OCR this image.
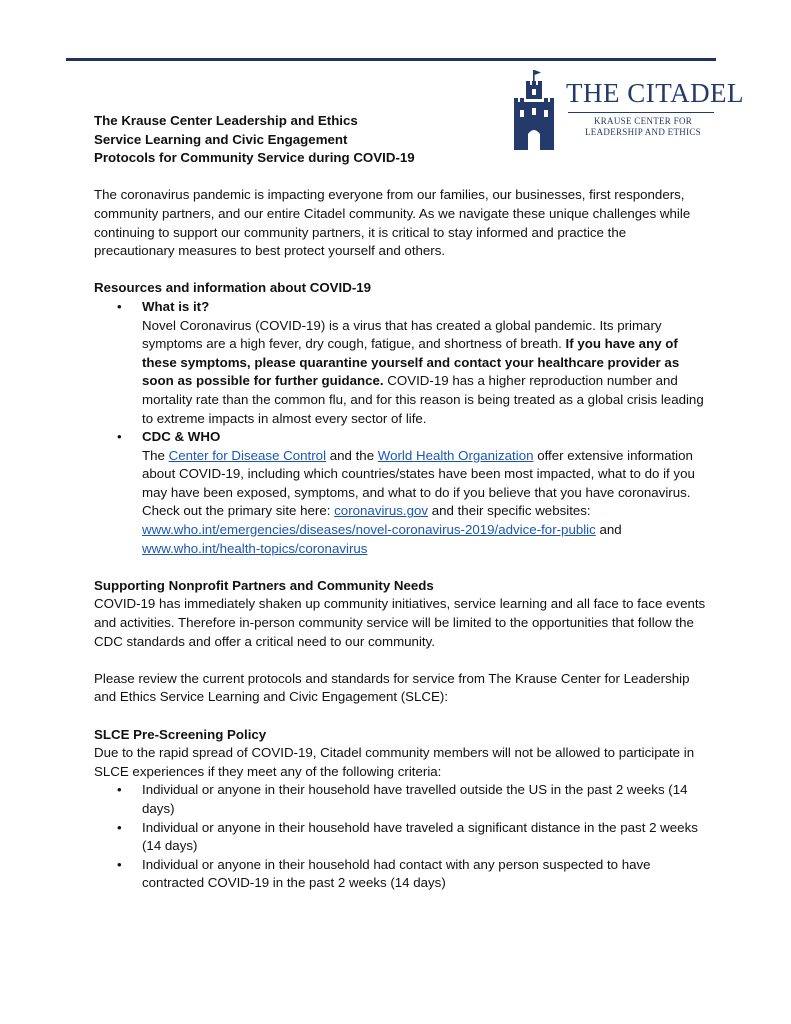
THE CITADEL
KRAUSE CENTER FOR
LEADERSHIP AND ETHICS

The Krause Center Leadership and Ethics

Service Learning and Civic Engagement

Protocols for Community Service during COVID-19

The coronavirus pandemic is impacting everyone from our families, our businesses, first responders, community partners, and our entire Citadel community. As we navigate these unique challenges while continuing to support our community partners, it is critical to stay informed and practice the precautionary measures to best protect yourself and others.

Resources and information about COVID-19

• What is it?
Novel Coronavirus (COVID-19) is a virus that has created a global pandemic. Its primary symptoms are a high fever, dry cough, fatigue, and shortness of breath. If you have any of these symptoms, please quarantine yourself and contact your healthcare provider as soon as possible for further guidance. COVID-19 has a higher reproduction number and mortality rate than the common flu, and for this reason is being treated as a global crisis leading to extreme impacts in almost every sector of life.
• CDC & WHO
The Center for Disease Control and the World Health Organization offer extensive information about COVID-19, including which countries/states have been most impacted, what to do if you may have been exposed, symptoms, and what to do if you believe that you have coronavirus. Check out the primary site here: coronavirus.gov and their specific websites: www.who.int/emergencies/diseases/novel-coronavirus-2019/advice-for-public and www.who.int/health-topics/coronavirus

Supporting Nonprofit Partners and Community Needs

COVID-19 has immediately shaken up community initiatives, service learning and all face to face events and activities. Therefore in-person community service will be limited to the opportunities that follow the CDC standards and offer a critical need to our community.

Please review the current protocols and standards for service from The Krause Center for Leadership and Ethics Service Learning and Civic Engagement (SLCE):

SLCE Pre-Screening Policy

Due to the rapid spread of COVID-19, Citadel community members will not be allowed to participate in SLCE experiences if they meet any of the following criteria:

• Individual or anyone in their household have travelled outside the US in the past 2 weeks (14 days)
• Individual or anyone in their household have traveled a significant distance in the past 2 weeks (14 days)
• Individual or anyone in their household had contact with any person suspected to have contracted COVID-19 in the past 2 weeks (14 days)
